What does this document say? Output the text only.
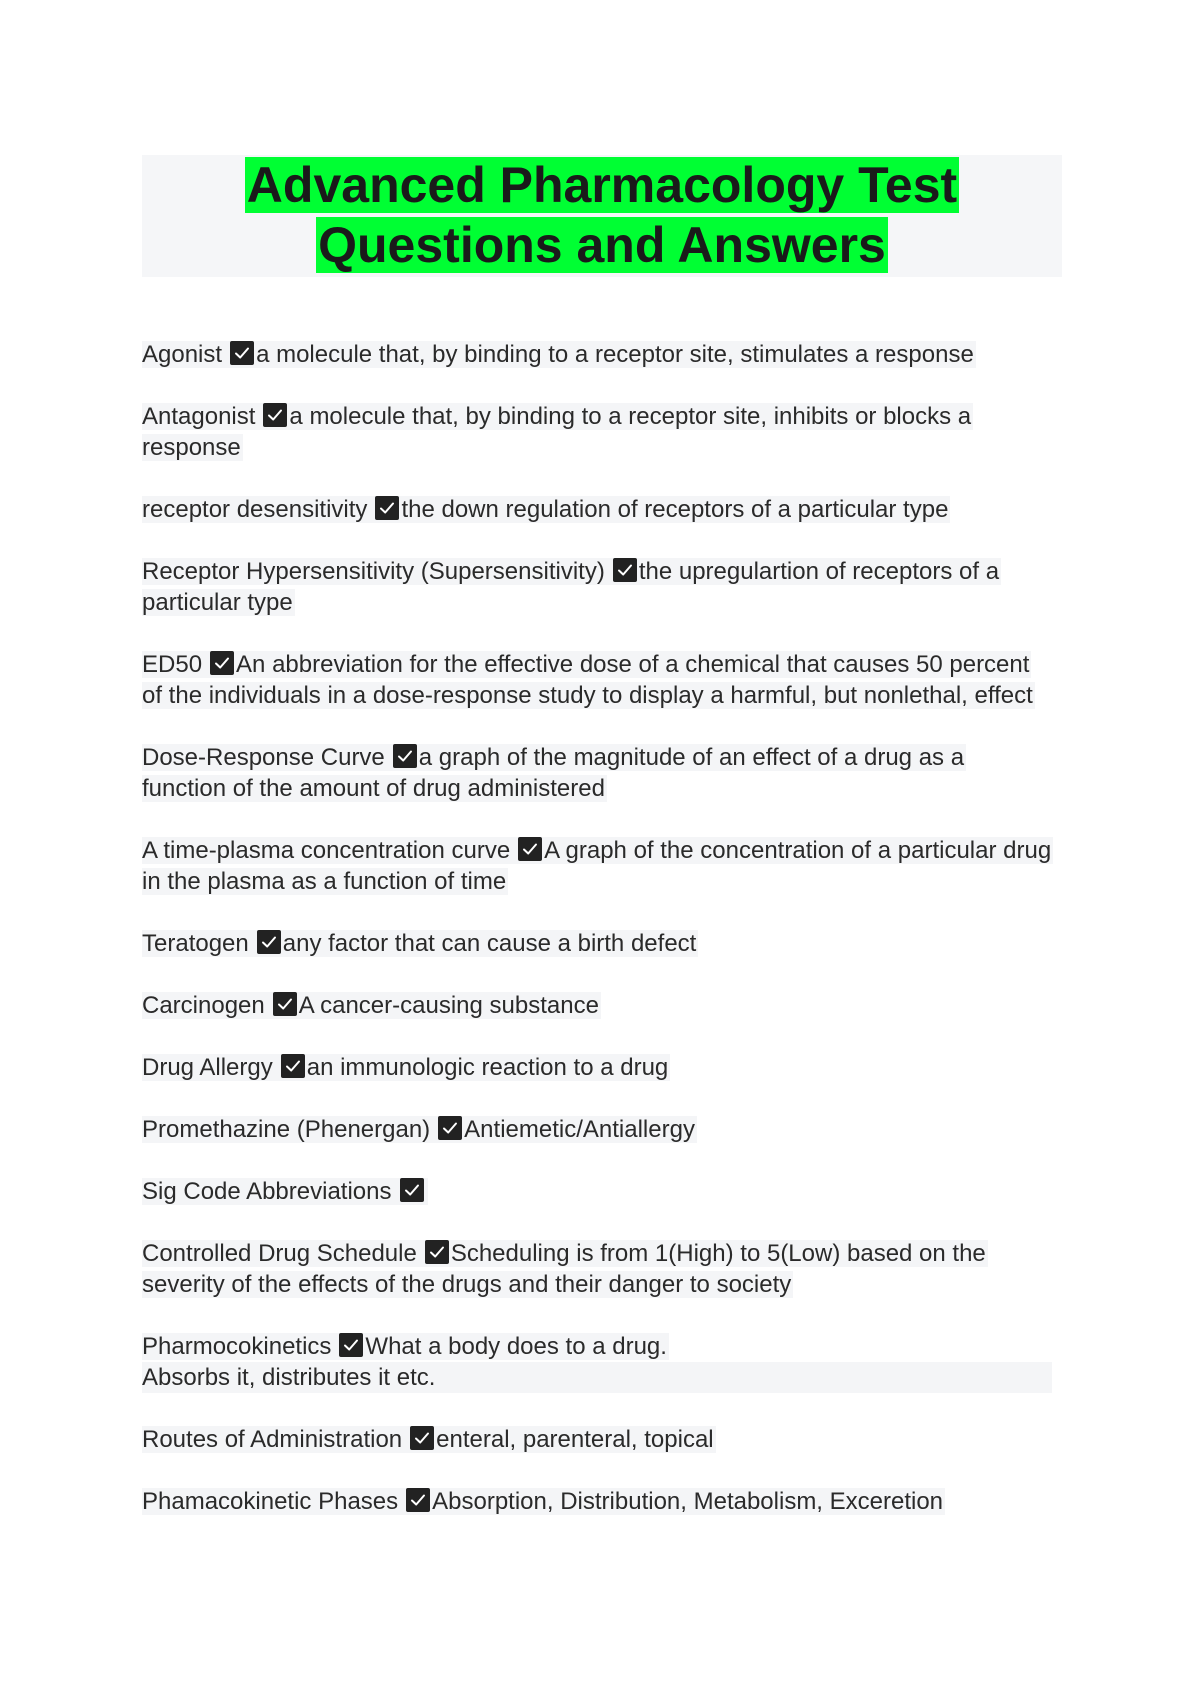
Advanced Pharmacology Test Questions and Answers

Agonist a molecule that, by binding to a receptor site, stimulates a response

Antagonist a molecule that, by binding to a receptor site, inhibits or blocks a response

receptor desensitivity the down regulation of receptors of a particular type

Receptor Hypersensitivity (Supersensitivity) the upregulartion of receptors of a particular type

ED50 An abbreviation for the effective dose of a chemical that causes 50 percent of the individuals in a dose-response study to display a harmful, but nonlethal, effect

Dose-Response Curve a graph of the magnitude of an effect of a drug as a function of the amount of drug administered

A time-plasma concentration curve A graph of the concentration of a particular drug in the plasma as a function of time

Teratogen any factor that can cause a birth defect

Carcinogen A cancer-causing substance

Drug Allergy an immunologic reaction to a drug

Promethazine (Phenergan) Antiemetic/Antiallergy

Sig Code Abbreviations

Controlled Drug Schedule Scheduling is from 1(High) to 5(Low) based on the severity of the effects of the drugs and their danger to society

Pharmocokinetics What a body does to a drug.
Absorbs it, distributes it etc.

Routes of Administration enteral, parenteral, topical

Phamacokinetic Phases Absorption, Distribution, Metabolism, Exceretion
